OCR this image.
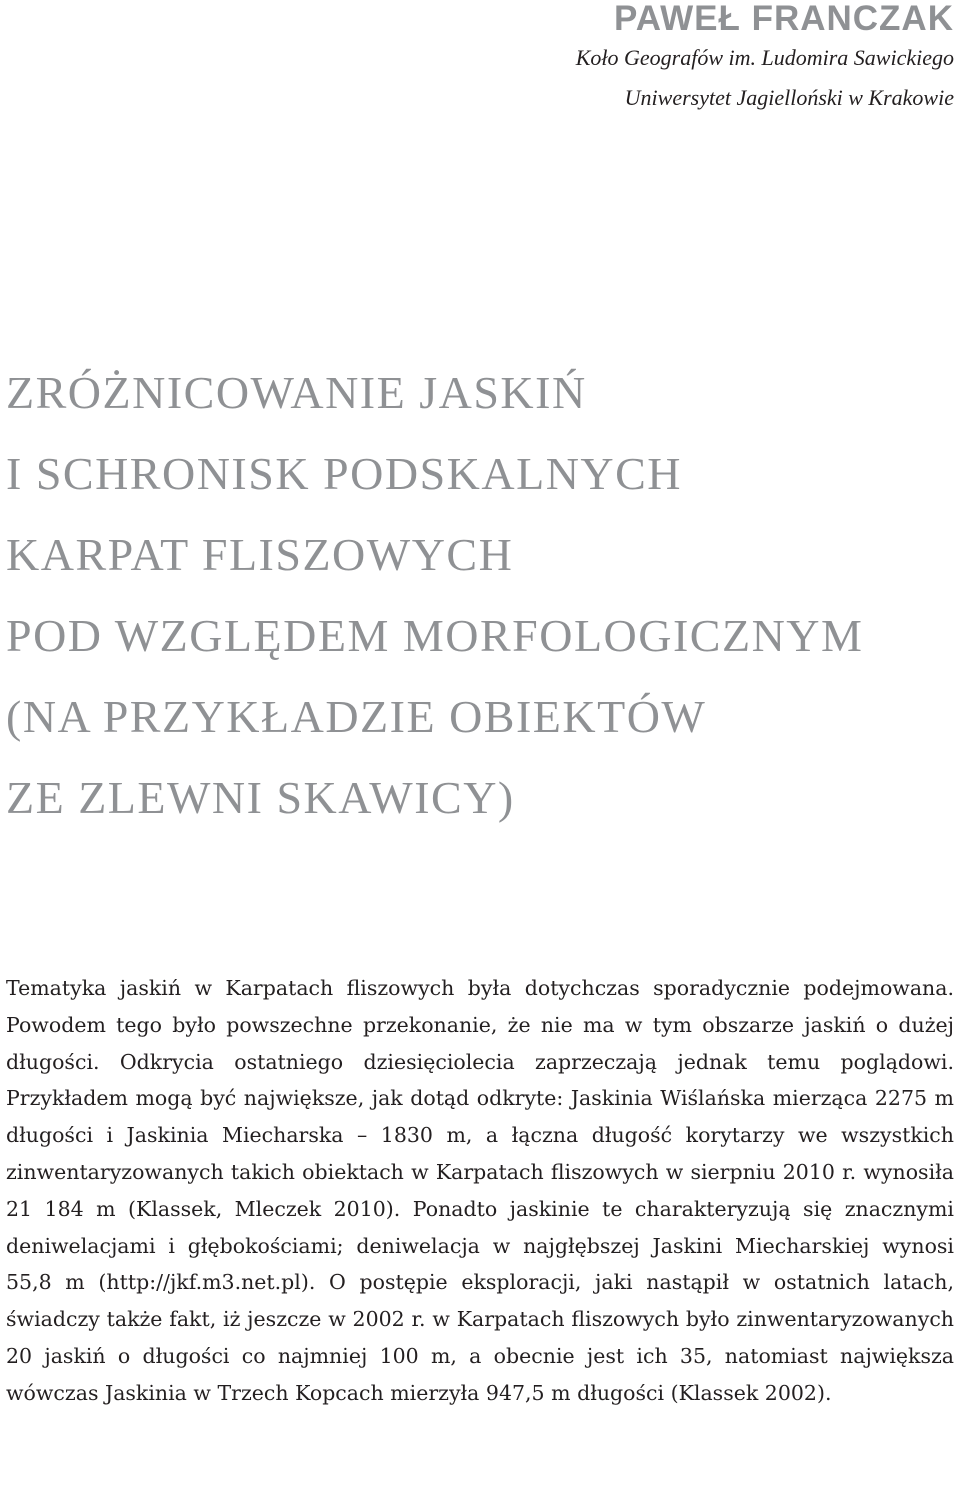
PAWEŁ FRANCZAK

Koło Geografów im. Ludomira Sawickiego

Uniwersytet Jagielloński w Krakowie

ZRÓŻNICOWANIE JASKIŃ
I SCHRONISK PODSKALNYCH
KARPAT FLISZOWYCH
POD WZGLĘDEM MORFOLOGICZNYM
(NA PRZYKŁADZIE OBIEKTÓW
ZE ZLEWNI SKAWICY)

Tematyka jaskiń w Karpatach fliszowych była dotychczas sporadycznie podejmowana. Powodem tego było powszechne przekonanie, że nie ma w tym obszarze jaskiń o dużej długości. Odkrycia ostatniego dziesięciolecia zaprzeczają jednak temu poglądowi. Przykładem mogą być największe, jak dotąd odkryte: Jaskinia Wiślańska mierząca 2275 m długości i Jaskinia Miecharska – 1830 m, a łączna długość korytarzy we wszystkich zinwentaryzowanych takich obiektach w Karpatach fliszowych w sierpniu 2010 r. wynosiła 21 184 m (Klassek, Mleczek 2010). Ponadto jaskinie te charakteryzują się znacznymi deniwelacjami i głębokościami; deniwelacja w najgłębszej Jaskini Miecharskiej wynosi 55,8 m (http://jkf.m3.net.pl). O postępie eksploracji, jaki nastąpił w ostatnich latach, świadczy także fakt, iż jeszcze w 2002 r. w Karpatach fliszowych było zinwentaryzowanych 20 jaskiń o długości co najmniej 100 m, a obecnie jest ich 35, natomiast największa wówczas Jaskinia w Trzech Kopcach mierzyła 947,5 m długości (Klassek 2002).
